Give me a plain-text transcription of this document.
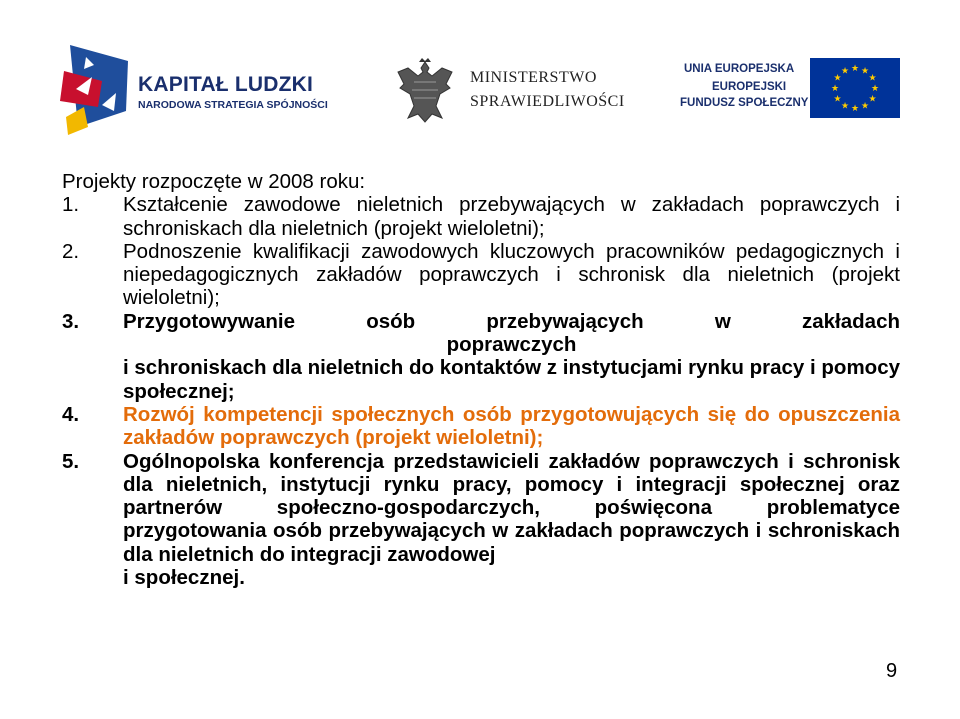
KAPITAŁ LUDZKI
NARODOWA STRATEGIA SPÓJNOŚCI
MINISTERSTWO
SPRAWIEDLIWOŚCI
UNIA EUROPEJSKA
EUROPEJSKI
FUNDUSZ SPOŁECZNY
★ ★
★
★
★
★
★
★
★
★
★
★
Projekty rozpoczęte w 2008 roku:
1.	Kształcenie zawodowe nieletnich przebywających w zakładach poprawczych i schroniskach dla nieletnich (projekt wieloletni);
2.	Podnoszenie kwalifikacji zawodowych kluczowych pracowników pedagogicznych i niepedagogicznych zakładów poprawczych i schronisk dla nieletnich (projekt wieloletni);
3.	Przygotowywanie osób przebywających w zakładach
poprawczych
i schroniskach dla nieletnich do kontaktów z instytucjami rynku pracy i pomocy społecznej;
4.	Rozwój kompetencji społecznych osób przygotowujących się do opuszczenia zakładów poprawczych (projekt wieloletni);
5.	Ogólnopolska konferencja przedstawicieli zakładów poprawczych i schronisk dla nieletnich, instytucji rynku pracy, pomocy i integracji społecznej oraz partnerów społeczno-gospodarczych, poświęcona problematyce przygotowania osób przebywających w zakładach poprawczych i schroniskach dla nieletnich do integracji zawodowej
i społecznej.
9
